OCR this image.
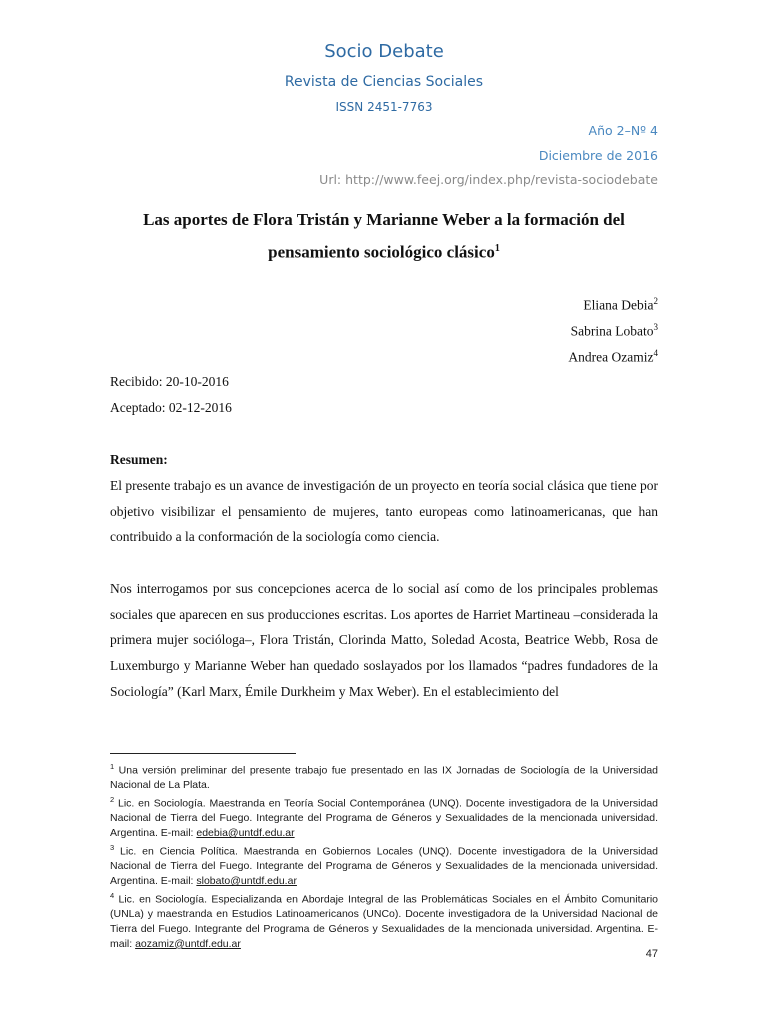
Socio Debate
Revista de Ciencias Sociales
ISSN 2451-7763
Año 2–Nº 4
Diciembre de 2016
Url: http://www.feej.org/index.php/revista-sociodebate
Las aportes de Flora Tristán y Marianne Weber a la formación del pensamiento sociológico clásico$^1$
Eliana Debia$^2$
Sabrina Lobato$^3$
Andrea Ozamiz$^4$
Recibido: 20-10-2016
Aceptado: 02-12-2016
Resumen:

El presente trabajo es un avance de investigación de un proyecto en teoría social clásica que tiene por objetivo visibilizar el pensamiento de mujeres, tanto europeas como latinoamericanas, que han contribuido a la conformación de la sociología como ciencia.

Nos interrogamos por sus concepciones acerca de lo social así como de los principales problemas sociales que aparecen en sus producciones escritas. Los aportes de Harriet Martineau –considerada la primera mujer socióloga–, Flora Tristán, Clorinda Matto, Soledad Acosta, Beatrice Webb, Rosa de Luxemburgo y Marianne Weber han quedado soslayados por los llamados “padres fundadores de la Sociología” (Karl Marx, Émile Durkheim y Max Weber). En el establecimiento del

$^1$ Una versión preliminar del presente trabajo fue presentado en las IX Jornadas de Sociología de la Universidad Nacional de La Plata.

$^2$ Lic. en Sociología. Maestranda en Teoría Social Contemporánea (UNQ). Docente investigadora de la Universidad Nacional de Tierra del Fuego. Integrante del Programa de Géneros y Sexualidades de la mencionada universidad. Argentina. E-mail: edebia@untdf.edu.ar

$^3$ Lic. en Ciencia Política. Maestranda en Gobiernos Locales (UNQ). Docente investigadora de la Universidad Nacional de Tierra del Fuego. Integrante del Programa de Géneros y Sexualidades de la mencionada universidad. Argentina. E-mail: slobato@untdf.edu.ar

$^4$ Lic. en Sociología. Especializanda en Abordaje Integral de las Problemáticas Sociales en el Ámbito Comunitario (UNLa) y maestranda en Estudios Latinoamericanos (UNCo). Docente investigadora de la Universidad Nacional de Tierra del Fuego. Integrante del Programa de Géneros y Sexualidades de la mencionada universidad. Argentina. E-mail: aozamiz@untdf.edu.ar

47
